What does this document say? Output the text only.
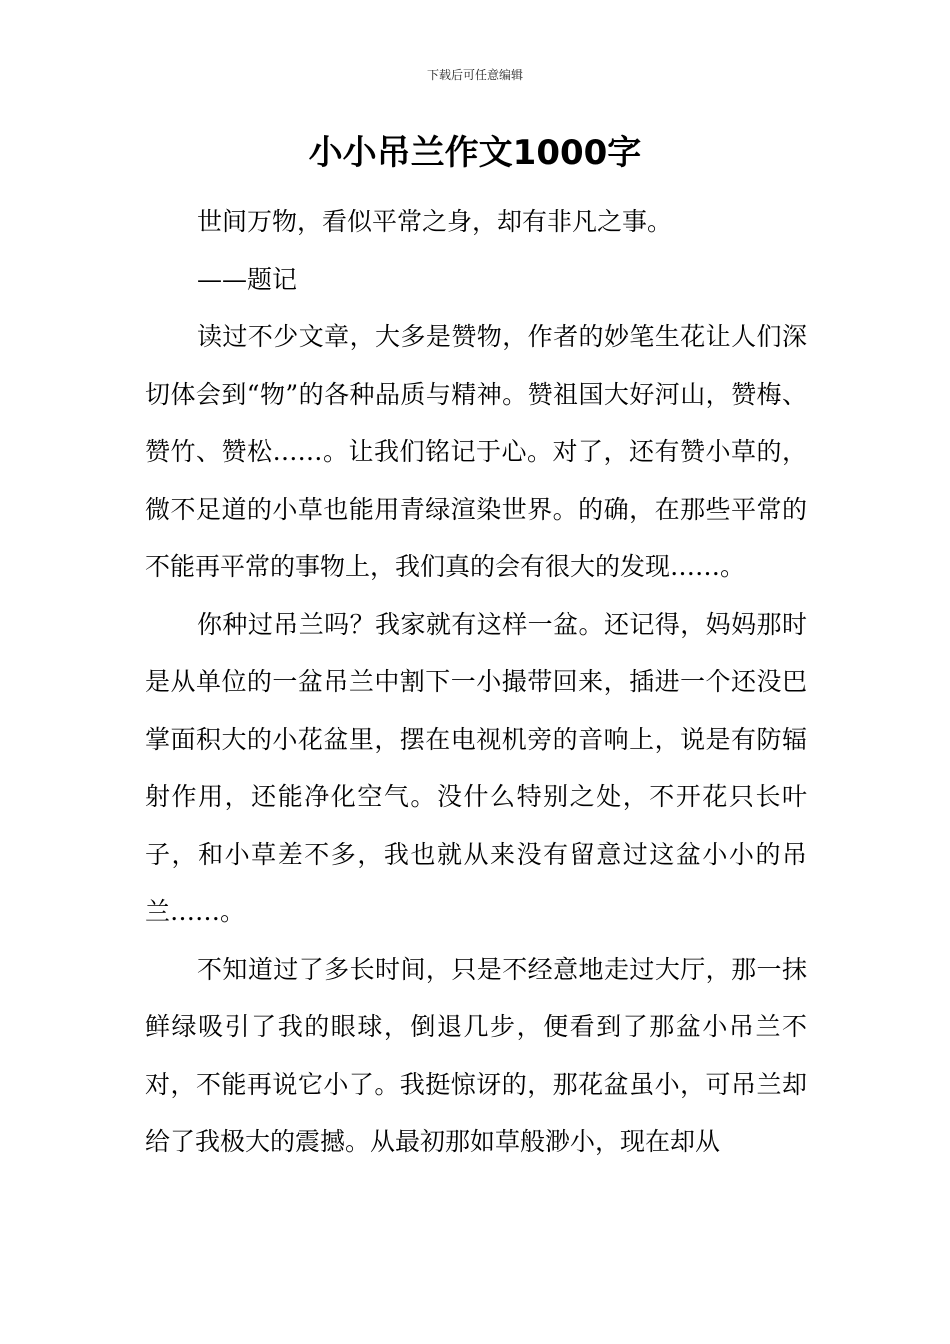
下载后可任意编辑
小小吊兰作文1000字

世间万物，看似平常之身，却有非凡之事。

——题记

读过不少文章，大多是赞物，作者的妙笔生花让人们深切体会到“物”的各种品质与精神。赞祖国大好河山，赞梅、赞竹、赞松……。让我们铭记于心。对了，还有赞小草的，微不足道的小草也能用青绿渲染世界。的确，在那些平常的不能再平常的事物上，我们真的会有很大的发现……。

你种过吊兰吗？我家就有这样一盆。还记得，妈妈那时是从单位的一盆吊兰中割下一小撮带回来，插进一个还没巴掌面积大的小花盆里，摆在电视机旁的音响上，说是有防辐射作用，还能净化空气。没什么特别之处，不开花只长叶子，和小草差不多，我也就从来没有留意过这盆小小的吊兰……。

不知道过了多长时间，只是不经意地走过大厅，那一抹鲜绿吸引了我的眼球，倒退几步，便看到了那盆小吊兰不对，不能再说它小了。我挺惊讶的，那花盆虽小，可吊兰却给了我极大的震撼。从最初那如草般渺小，现在却从
